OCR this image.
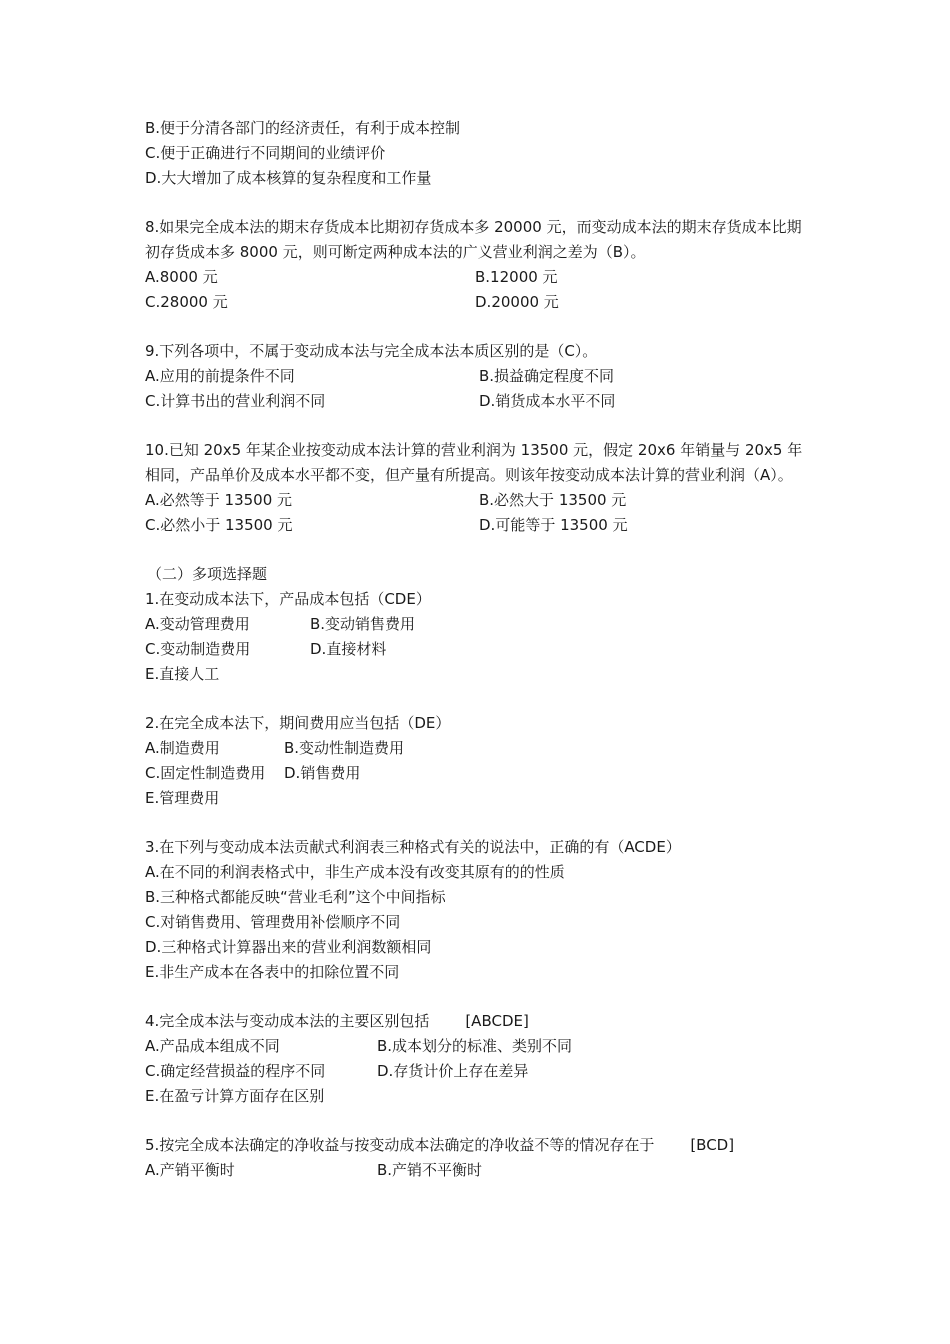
B.便于分清各部门的经济责任，有利于成本控制
C.便于正确进行不同期间的业绩评价
D.大大增加了成本核算的复杂程度和工作量
8.如果完全成本法的期末存货成本比期初存货成本多 20000 元，而变动成本法的期末存货成本比期初存货成本多 8000 元，则可断定两种成本法的广义营业利润之差为（B）。
A.8000 元	B.12000 元
C.28000 元	D.20000 元
9.下列各项中，不属于变动成本法与完全成本法本质区别的是（C）。
A.应用的前提条件不同	B.损益确定程度不同
C.计算书出的营业利润不同	D.销货成本水平不同
10.已知 20x5 年某企业按变动成本法计算的营业利润为 13500 元，假定 20x6 年销量与 20x5 年相同，产品单价及成本水平都不变，但产量有所提高。则该年按变动成本法计算的营业利润（A）。
A.必然等于 13500 元	B.必然大于 13500 元
C.必然小于 13500 元	D.可能等于 13500 元
（二）多项选择题
1.在变动成本法下，产品成本包括（CDE）
A.变动管理费用	B.变动销售费用
C.变动制造费用	D.直接材料
E.直接人工
2.在完全成本法下，期间费用应当包括（DE）
A.制造费用	B.变动性制造费用
C.固定性制造费用	D.销售费用
E.管理费用
3.在下列与变动成本法贡献式利润表三种格式有关的说法中，正确的有（ACDE）
A.在不同的利润表格式中，非生产成本没有改变其原有的的性质
B.三种格式都能反映“营业毛利”这个中间指标
C.对销售费用、管理费用补偿顺序不同
D.三种格式计算器出来的营业利润数额相同
E.非生产成本在各表中的扣除位置不同
4.完全成本法与变动成本法的主要区别包括 [ABCDE]
A.产品成本组成不同	B.成本划分的标准、类别不同
C.确定经营损益的程序不同	D.存货计价上存在差异
E.在盈亏计算方面存在区别
5.按完全成本法确定的净收益与按变动成本法确定的净收益不等的情况存在于 [BCD]
A.产销平衡时	B.产销不平衡时
